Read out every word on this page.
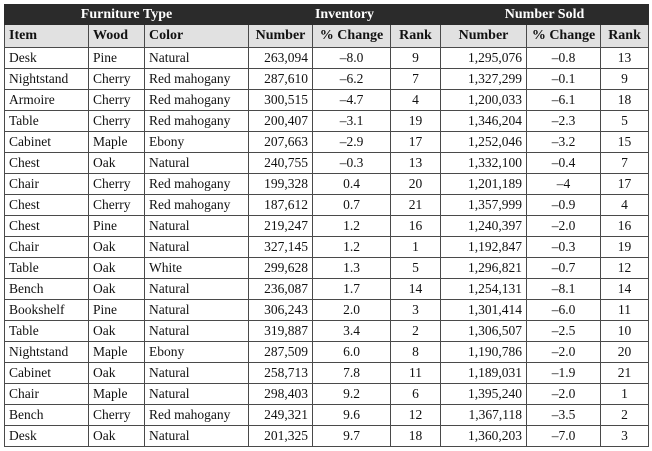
Furniture Type			Inventory			Number Sold		
Item	Wood	Color	Number	% Change	Rank	Number	% Change	Rank
Desk	Pine	Natural	263,094	–8.0	9	1,295,076	–0.8	13
Nightstand	Cherry	Red mahogany	287,610	–6.2	7	1,327,299	–0.1	9
Armoire	Cherry	Red mahogany	300,515	–4.7	4	1,200,033	–6.1	18
Table	Cherry	Red mahogany	200,407	–3.1	19	1,346,204	–2.3	5
Cabinet	Maple	Ebony	207,663	–2.9	17	1,252,046	–3.2	15
Chest	Oak	Natural	240,755	–0.3	13	1,332,100	–0.4	7
Chair	Cherry	Red mahogany	199,328	0.4	20	1,201,189	–4	17
Chest	Cherry	Red mahogany	187,612	0.7	21	1,357,999	–0.9	4
Chest	Pine	Natural	219,247	1.2	16	1,240,397	–2.0	16
Chair	Oak	Natural	327,145	1.2	1	1,192,847	–0.3	19
Table	Oak	White	299,628	1.3	5	1,296,821	–0.7	12
Bench	Oak	Natural	236,087	1.7	14	1,254,131	–8.1	14
Bookshelf	Pine	Natural	306,243	2.0	3	1,301,414	–6.0	11
Table	Oak	Natural	319,887	3.4	2	1,306,507	–2.5	10
Nightstand	Maple	Ebony	287,509	6.0	8	1,190,786	–2.0	20
Cabinet	Oak	Natural	258,713	7.8	11	1,189,031	–1.9	21
Chair	Maple	Natural	298,403	9.2	6	1,395,240	–2.0	1
Bench	Cherry	Red mahogany	249,321	9.6	12	1,367,118	–3.5	2
Desk	Oak	Natural	201,325	9.7	18	1,360,203	–7.0	3
